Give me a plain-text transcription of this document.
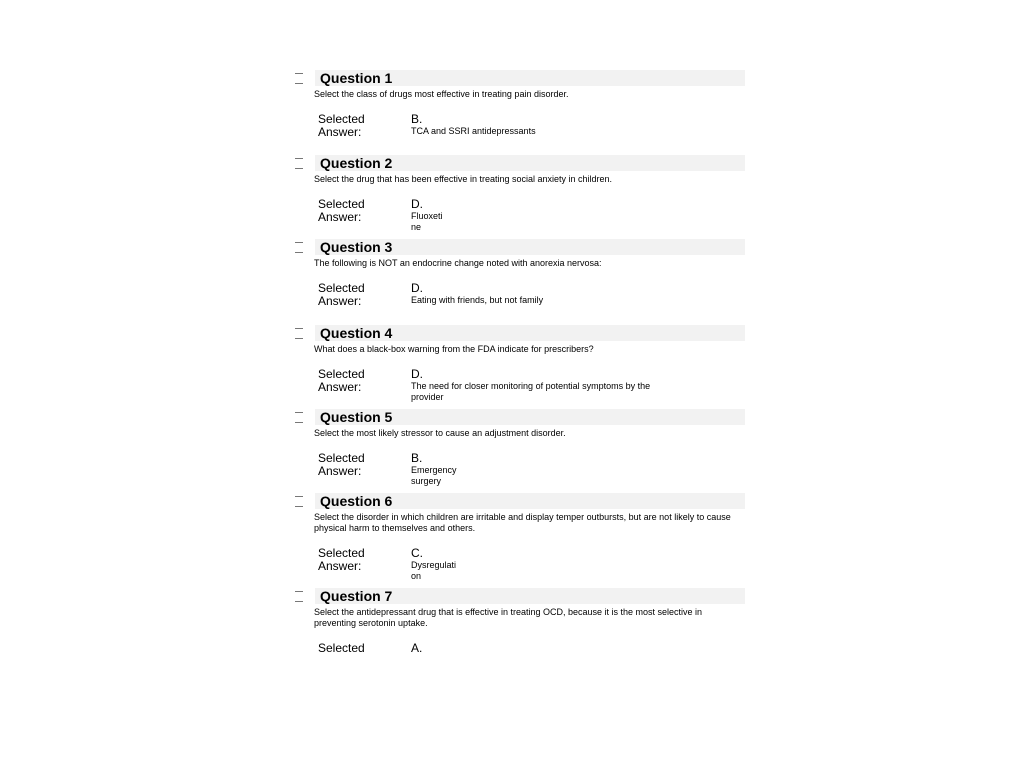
Question 1
Select the class of drugs most effective in treating pain disorder.
Selected
Answer:
B.
TCA and SSRI antidepressants
Question 2
Select the drug that has been effective in treating social anxiety in children.
Selected
Answer:
D.
Fluoxeti ne
Question 3
The following is NOT an endocrine change noted with anorexia nervosa:
Selected
Answer:
D.
Eating with friends, but not family
Question 4
What does a black-box warning from the FDA indicate for prescribers?
Selected
Answer:
D.
The need for closer monitoring of potential symptoms by the provider
Question 5
Select the most likely stressor to cause an adjustment disorder.
Selected
Answer:
B.
Emergency surgery
Question 6
Select the disorder in which children are irritable and display temper outbursts, but are not likely to cause physical harm to themselves and others.
Selected
Answer:
C.
Dysregulati on
Question 7
Select the antidepressant drug that is effective in treating OCD, because it is the most selective in preventing serotonin uptake.
Selected	A.
